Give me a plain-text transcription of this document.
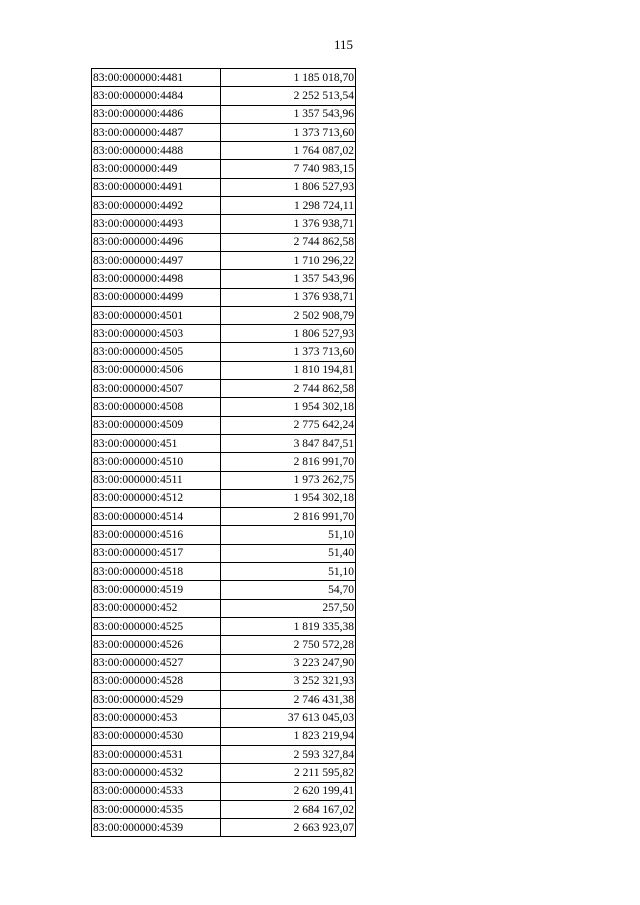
115
83:00:000000:4481	1 185 018,70
83:00:000000:4484	2 252 513,54
83:00:000000:4486	1 357 543,96
83:00:000000:4487	1 373 713,60
83:00:000000:4488	1 764 087,02
83:00:000000:449	7 740 983,15
83:00:000000:4491	1 806 527,93
83:00:000000:4492	1 298 724,11
83:00:000000:4493	1 376 938,71
83:00:000000:4496	2 744 862,58
83:00:000000:4497	1 710 296,22
83:00:000000:4498	1 357 543,96
83:00:000000:4499	1 376 938,71
83:00:000000:4501	2 502 908,79
83:00:000000:4503	1 806 527,93
83:00:000000:4505	1 373 713,60
83:00:000000:4506	1 810 194,81
83:00:000000:4507	2 744 862,58
83:00:000000:4508	1 954 302,18
83:00:000000:4509	2 775 642,24
83:00:000000:451	3 847 847,51
83:00:000000:4510	2 816 991,70
83:00:000000:4511	1 973 262,75
83:00:000000:4512	1 954 302,18
83:00:000000:4514	2 816 991,70
83:00:000000:4516	51,10
83:00:000000:4517	51,40
83:00:000000:4518	51,10
83:00:000000:4519	54,70
83:00:000000:452	257,50
83:00:000000:4525	1 819 335,38
83:00:000000:4526	2 750 572,28
83:00:000000:4527	3 223 247,90
83:00:000000:4528	3 252 321,93
83:00:000000:4529	2 746 431,38
83:00:000000:453	37 613 045,03
83:00:000000:4530	1 823 219,94
83:00:000000:4531	2 593 327,84
83:00:000000:4532	2 211 595,82
83:00:000000:4533	2 620 199,41
83:00:000000:4535	2 684 167,02
83:00:000000:4539	2 663 923,07
